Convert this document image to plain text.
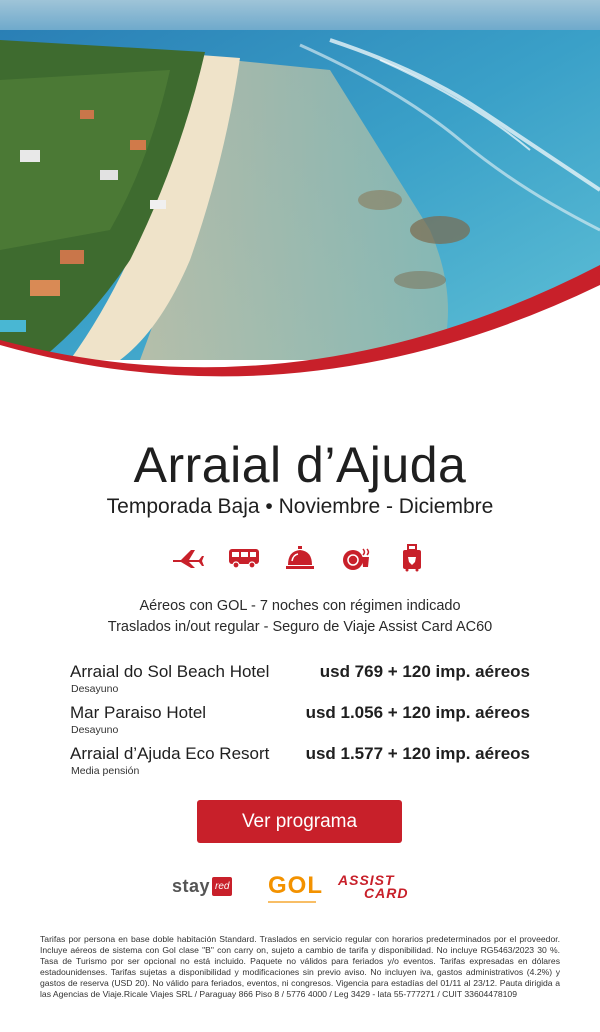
Arraial d’Ajuda
Temporada Baja • Noviembre - Diciembre
Aéreos con GOL - 7 noches con régimen indicado
Traslados in/out regular - Seguro de Viaje Assist Card AC60
Arraial do Sol Beach Hotel
Desayuno
usd 769 + 120 imp. aéreos
Mar Paraiso Hotel
Desayuno
usd 1.056 + 120 imp. aéreos
Arraial d’Ajuda Eco Resort
Media pensión
usd 1.577 + 120 imp. aéreos
Ver programa
stay red GOL ASSIST
CARD
Tarifas por persona en base doble habitación Standard. Traslados en servicio regular con horarios predeterminados por el proveedor. Incluye aéreos de sistema con Gol clase "B" con carry on, sujeto a cambio de tarifa y disponibilidad. No incluye RG5463/2023 30 %. Tasa de Turismo por ser opcional no está incluido. Paquete no válidos para feriados y/o eventos. Tarifas expresadas en dólares estadounidenses. Tarifas sujetas a disponibilidad y modificaciones sin previo aviso. No incluyen iva, gastos administrativos (4.2%) y gastos de reserva (USD 20). No válido para feriados, eventos, ni congresos. Vigencia para estadías del 01/11 al 23/12. Pauta dirigida a las Agencias de Viaje.Ricale Viajes SRL / Paraguay 866 Piso 8 / 5776 4000 / Leg 3429 - lata 55-777271 / CUIT 33604478109
